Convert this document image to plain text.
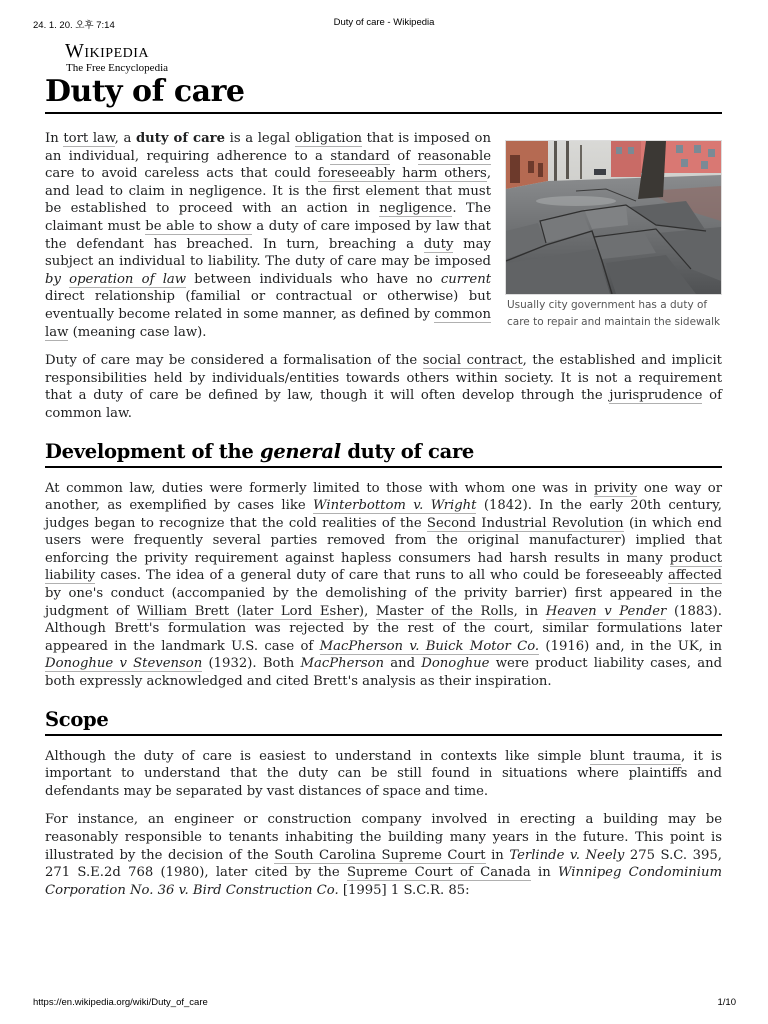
24. 1. 20. 오후 7:14	Duty of care - Wikipedia
Wikipedia
The Free Encyclopedia
Duty of care
Usually city government has a duty of care to repair and maintain the sidewalk

In tort law, a duty of care is a legal obligation that is imposed on an individual, requiring adherence to a standard of reasonable care to avoid careless acts that could foreseeably harm others, and lead to claim in negligence. It is the first element that must be established to proceed with an action in negligence. The claimant must be able to show a duty of care imposed by law that the defendant has breached. In turn, breaching a duty may subject an individual to liability. The duty of care may be imposed by operation of law between individuals who have no current direct relationship (familial or contractual or otherwise) but eventually become related in some manner, as defined by common law (meaning case law).

Duty of care may be considered a formalisation of the social contract, the established and implicit responsibilities held by individuals/entities towards others within society. It is not a requirement that a duty of care be defined by law, though it will often develop through the jurisprudence of common law.

Development of the general duty of care

At common law, duties were formerly limited to those with whom one was in privity one way or another, as exemplified by cases like Winterbottom v. Wright (1842). In the early 20th century, judges began to recognize that the cold realities of the Second Industrial Revolution (in which end users were frequently several parties removed from the original manufacturer) implied that enforcing the privity requirement against hapless consumers had harsh results in many product liability cases. The idea of a general duty of care that runs to all who could be foreseeably affected by one's conduct (accompanied by the demolishing of the privity barrier) first appeared in the judgment of William Brett (later Lord Esher), Master of the Rolls, in Heaven v Pender (1883). Although Brett's formulation was rejected by the rest of the court, similar formulations later appeared in the landmark U.S. case of MacPherson v. Buick Motor Co. (1916) and, in the UK, in Donoghue v Stevenson (1932). Both MacPherson and Donoghue were product liability cases, and both expressly acknowledged and cited Brett's analysis as their inspiration.

Scope

Although the duty of care is easiest to understand in contexts like simple blunt trauma, it is important to understand that the duty can be still found in situations where plaintiffs and defendants may be separated by vast distances of space and time.

For instance, an engineer or construction company involved in erecting a building may be reasonably responsible to tenants inhabiting the building many years in the future. This point is illustrated by the decision of the South Carolina Supreme Court in Terlinde v. Neely 275 S.C. 395, 271 S.E.2d 768 (1980), later cited by the Supreme Court of Canada in Winnipeg Condominium Corporation No. 36 v. Bird Construction Co. [1995] 1 S.C.R. 85:

https://en.wikipedia.org/wiki/Duty_of_care	1/10
